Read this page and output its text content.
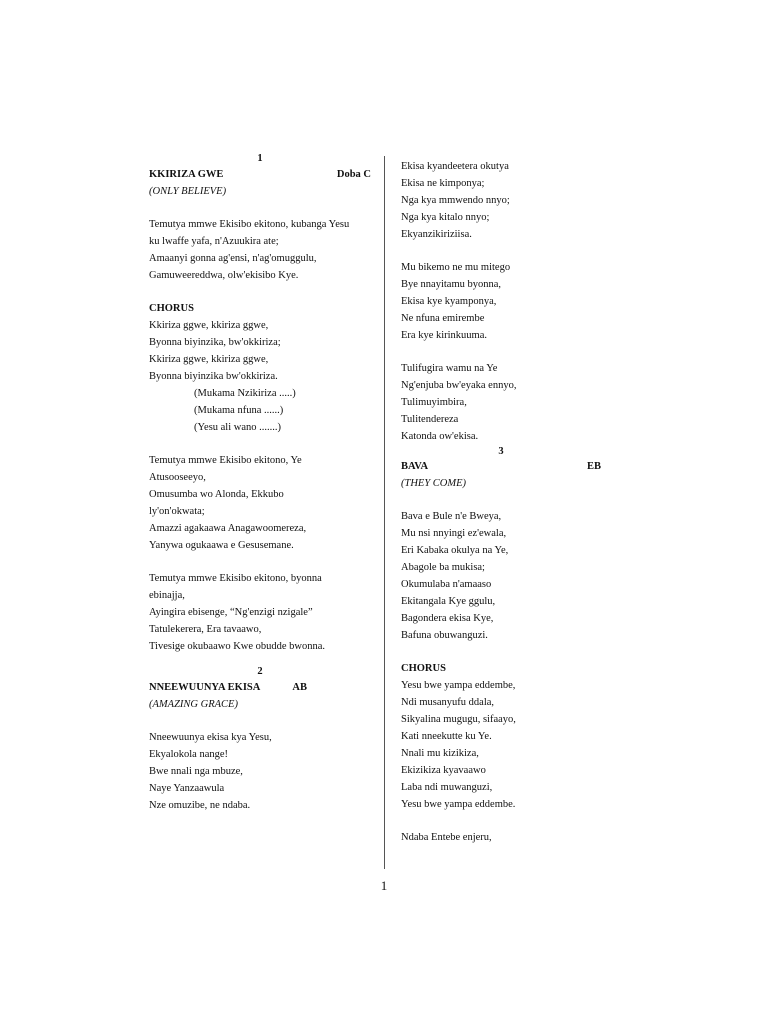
1
KKIRIZA GWE	Doba C
(ONLY BELIEVE)
Temutya mmwe Ekisibo ekitono, kubanga Yesu
ku lwaffe yafa, n'Azuukira ate;
Amaanyi gonna ag'ensi, n'ag'omuggulu,
Gamuweereddwa, olw'ekisibo Kye.
CHORUS
Kkiriza ggwe, kkiriza ggwe,
Byonna biyinzika, bw'okkiriza;
Kkiriza ggwe, kkiriza ggwe,
Byonna biyinzika bw'okkiriza.
(Mukama Nzikiriza .....)
(Mukama nfuna ......)
(Yesu ali wano .......)
Temutya mmwe Ekisibo ekitono, Ye
Atusooseeyo,
Omusumba wo Alonda, Ekkubo
ly'on'okwata;
Amazzi agakaawa Anagawoomereza,
Yanywa ogukaawa e Gesusemane.
Temutya mmwe Ekisibo ekitono, byonna
ebinajja,
Ayingira ebisenge, “Ng'enzigi nzigale”
Tatulekerera, Era tavaawo,
Tivesige okubaawo Kwe obudde bwonna.
2
NNEEWUUNYA EKISA	AB
(AMAZING GRACE)
Nneewuunya ekisa kya Yesu,
Ekyalokola nange!
Bwe nnali nga mbuze,
Naye Yanzaawula
Nze omuzibe, ne ndaba.
Ekisa kyandeetera okutya
Ekisa ne kimponya;
Nga kya mmwendo nnyo;
Nga kya kitalo nnyo;
Ekyanzikiriziisa.
Mu bikemo ne mu mitego
Bye nnayitamu byonna,
Ekisa kye kyamponya,
Ne nfuna emirembe
Era kye kirinkuuma.
Tulifugira wamu na Ye
Ng'enjuba bw'eyaka ennyo,
Tulimuyimbira,
Tulitendereza
Katonda ow'ekisa.
3
BAVA	EB
(THEY COME)
Bava e Bule n'e Bweya,
Mu nsi nnyingi ez'ewala,
Eri Kabaka okulya na Ye,
Abagole ba mukisa;
Okumulaba n'amaaso
Ekitangala Kye ggulu,
Bagondera ekisa Kye,
Bafuna obuwanguzi.
CHORUS
Yesu bwe yampa eddembe,
Ndi musanyufu ddala,
Sikyalina mugugu, sifaayo,
Kati nneekutte ku Ye.
Nnali mu kizikiza,
Ekizikiza kyavaawo
Laba ndi muwanguzi,
Yesu bwe yampa eddembe.
Ndaba Entebe enjeru,
1
